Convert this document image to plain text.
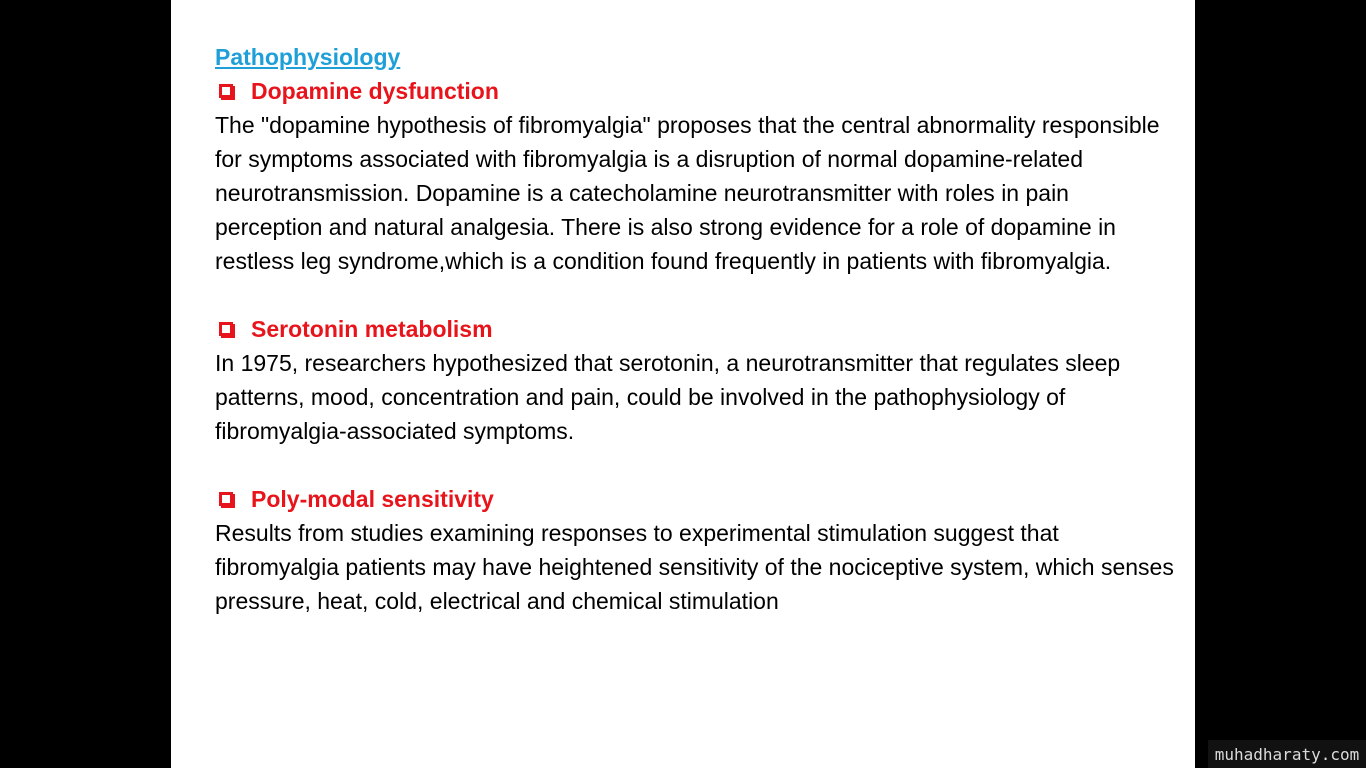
Pathophysiology
Dopamine dysfunction

The "dopamine hypothesis of fibromyalgia" proposes that the central abnormality responsible for symptoms associated with fibromyalgia is a disruption of normal dopamine-related neurotransmission. Dopamine is a catecholamine neurotransmitter with roles in pain perception and natural analgesia. There is also strong evidence for a role of dopamine in restless leg syndrome,which is a condition found frequently in patients with fibromyalgia.

Serotonin metabolism

In 1975, researchers hypothesized that serotonin, a neurotransmitter that regulates sleep patterns, mood, concentration and pain, could be involved in the pathophysiology of fibromyalgia-associated symptoms.

Poly-modal sensitivity

Results from studies examining responses to experimental stimulation suggest that fibromyalgia patients may have heightened sensitivity of the nociceptive system, which senses pressure, heat, cold, electrical and chemical stimulation

muhadharaty.com
